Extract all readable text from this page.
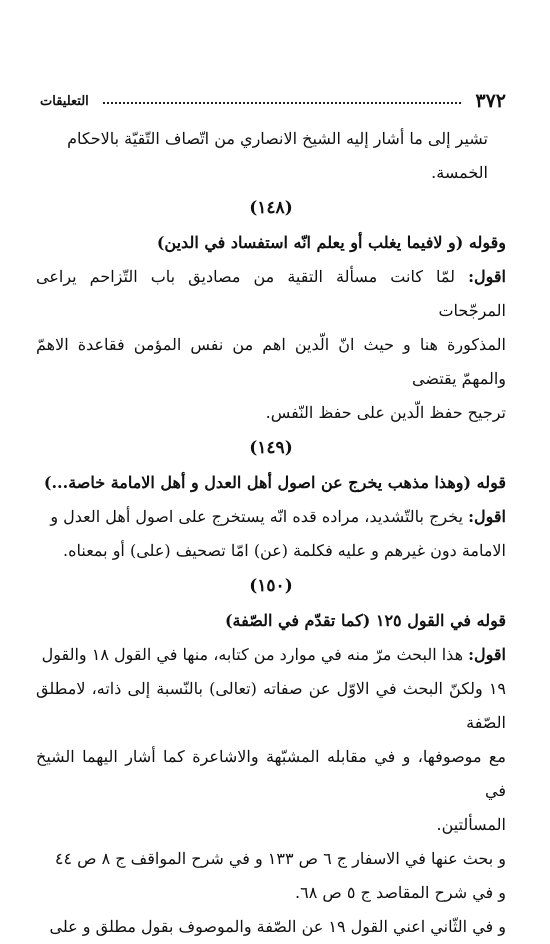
٣٧٢
التعليقات

تشير إلى ما أشار إليه الشيخ الانصاري من اتّصاف التّقيّة بالاحكام
الخمسة.

(١٤٨)

وقوله (و لافيما يغلب أو يعلم انّه استفساد في الدين)

اقول: لمّا كانت مسألة التقية من مصاديق باب التّزاحم يراعى المرجّحات
المذكورة هنا و حيث انّ الّدين اهم من نفس المؤمن فقاعدة الاهمّ والمهمّ يقتضى
ترجيح حفظ الّدين على حفظ النّفس.

(١٤٩)

قوله (وهذا مذهب يخرج عن اصول أهل العدل و أهل الامامة خاصة...)

اقول: يخرج بالتّشديد، مراده قده انّه يستخرج على اصول أهل العدل و
الامامة دون غيرهم و عليه فكلمة (عن) امّا تصحيف (على) أو بمعناه.

(١٥٠)

قوله في القول ١٢٥ (كما تقدّم في الصّفة)

اقول: هذا البحث مرّ منه في موارد من كتابه، منها في القول ١٨ والقول
١٩ ولكنّ البحث في الاوّل عن صفاته (تعالى) بالنّسبة إلى ذاته، لامطلق الصّفة
مع موصوفها، و في مقابله المشبّهة والاشاعرة كما أشار اليهما الشيخ في
المسألتين.

و بحث عنها في الاسفار ج ٦ ص ١٣٣ و في شرح المواقف ج ٨ ص ٤٤
و في شرح المقاصد ج ٥ ص ٦٨.

و في الثّاني اعني القول ١٩ عن الصّفة والموصوف بقول مطلق و على
